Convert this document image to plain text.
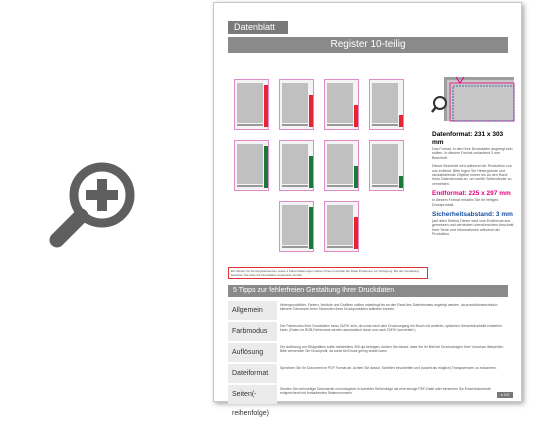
Datenblatt
Register 10-teilig
Datenformat: 231 x 303 mm
Das Format, in dem Ihre Druckdaten angelegt sein sollten. In diesem Format umlaufend 3 mm Beschnitt.
Dieser Beschnitt wird während der Produktion von uns entfernt. Bitte legen Sie Hintergründe und randabfallende Objekte immer bis an den Rand Ihres Datenformats an, um weiße Seitenränder zu vermeiden.
Endformat: 225 x 297 mm
In diesem Format erhalten Sie Ihr fertiges Druckprodukt.
Sicherheitsabstand: 3 mm
(auf allen Seiten) Dieser wird vom Endformat aus gemessen und verhindert unerwünschten Anschnitt Ihrer Texte und Informationen während der Produktion.
Ein Muster für die Registertaschen sowie 4 Kartenhalterungen stehen Ihnen innerhalb der Datei Positionen zur Verfügung. Bei der Gestaltung beachten Sie dass die Druckdaten angepasst werden.
5 Tipps zur fehlerfreien Gestaltung Ihrer Druckdaten
Allgemein
Hintergrundbilder, Farben, Verläufe und Grafiken sollten unbedingt bis an den Rand des Datenformats angelegt werden, da produktionstechnisch kleinere Toleranzen beim Schneiden Ihres Druckproduktes auftreten können.
Farbmodus
Der Farbmodus Ihrer Druckdaten muss CMYK sein, da sonst nach dem Druckvorgang ein Bruch mit anderen, optischen Gesamtdruckbild entstehen kann. (Daten im RGB-Farbmodus werden automatisch durch uns nach CMYK konvertiert.)
Auflösung
Die Auflösung von Bildgrafiken sollte mindestens 300 dpi betragen. Achten Sie darauf, dass Sie Ihr Bild bei Druckvorlagen Ihrer Vorschau überprüfen. Bitte verwenden Sie Druckprofil, da sonst bei Druck gering wirken kann.
Dateiformat
Speichern Sie Ihr Dokument im PDF Format ab. Achten Sie darauf, Schriften einzubetten und (soweit als möglich) Transparenzen zu reduzieren.
Seiten(-reihenfolge)
Senden Sie mehrseitige Dokumente chronologisch in korrekter Reihenfolge als eine einzige PDF-Datei oder benennen Sie Einzeldokumente entsprechend mit fortlaufenden Seitennummern.	s.1/2
